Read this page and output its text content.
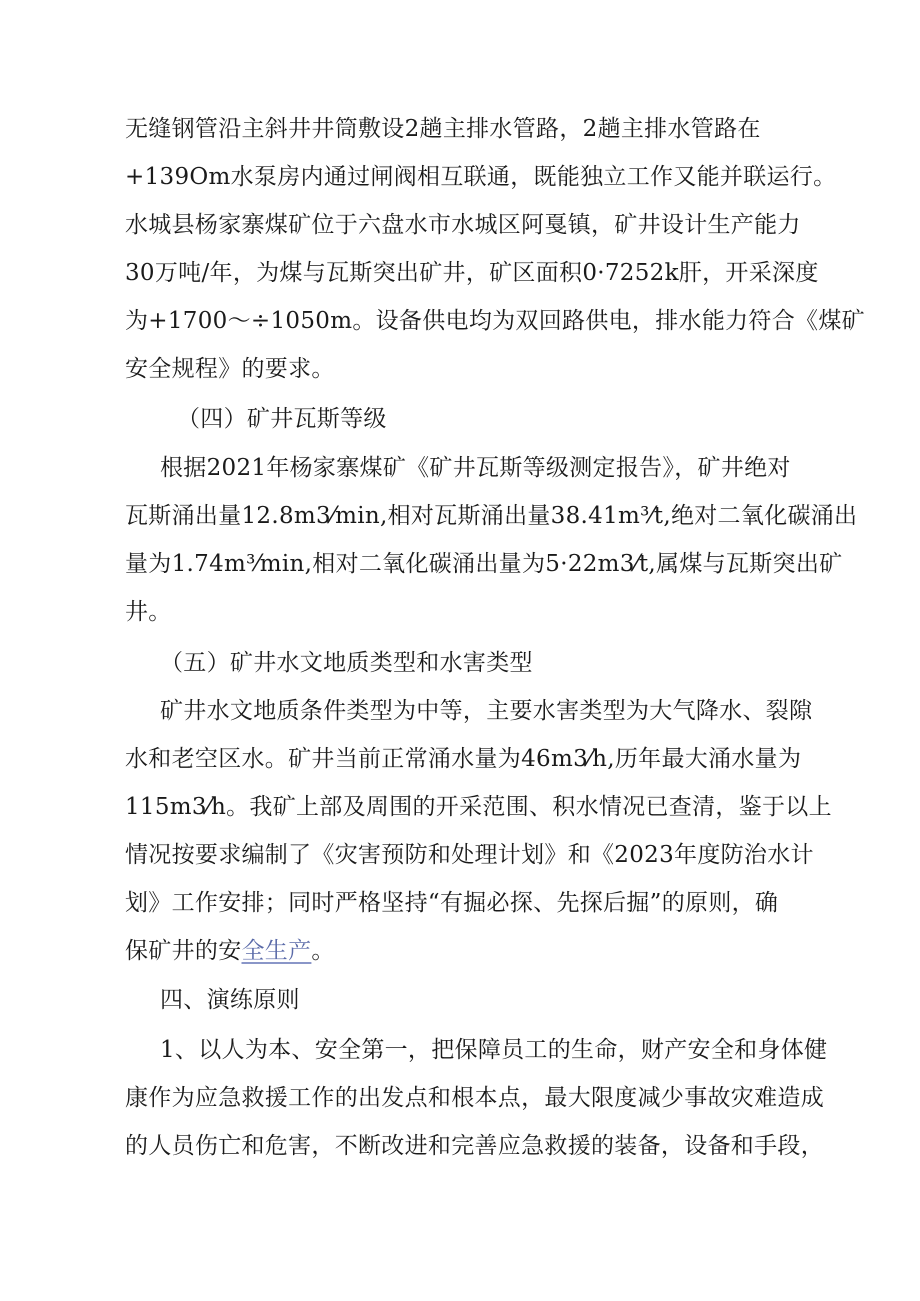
无缝钢管沿主斜井井筒敷设2趟主排水管路，2趟主排水管路在
+139Om水泵房内通过闸阀相互联通，既能独立工作又能并联运行。
水城县杨家寨煤矿位于六盘水市水城区阿戛镇，矿井设计生产能力
30万吨/年，为煤与瓦斯突出矿井，矿区面积0·7252k肝，开采深度
为+1700～÷1050m。设备供电均为双回路供电，排水能力符合《煤矿
安全规程》的要求。
（四）矿井瓦斯等级
根据2021年杨家寨煤矿《矿井瓦斯等级测定报告》，矿井绝对
瓦斯涌出量12.8m3⁄min,相对瓦斯涌出量38.41m³⁄t,绝对二氧化碳涌出
量为1.74m³⁄min,相对二氧化碳涌出量为5·22m3⁄t,属煤与瓦斯突出矿
井。
（五）矿井水文地质类型和水害类型
矿井水文地质条件类型为中等，主要水害类型为大气降水、裂隙
水和老空区水。矿井当前正常涌水量为46m3⁄h,历年最大涌水量为
115m3⁄h。我矿上部及周围的开采范围、积水情况已查清，鉴于以上
情况按要求编制了《灾害预防和处理计划》和《2023年度防治水计
划》工作安排；同时严格坚持“有掘必探、先探后掘”的原则，确
保矿井的安全生产。
四、演练原则
1、以人为本、安全第一，把保障员工的生命，财产安全和身体健
康作为应急救援工作的出发点和根本点，最大限度减少事故灾难造成
的人员伤亡和危害，不断改进和完善应急救援的装备，设备和手段，
